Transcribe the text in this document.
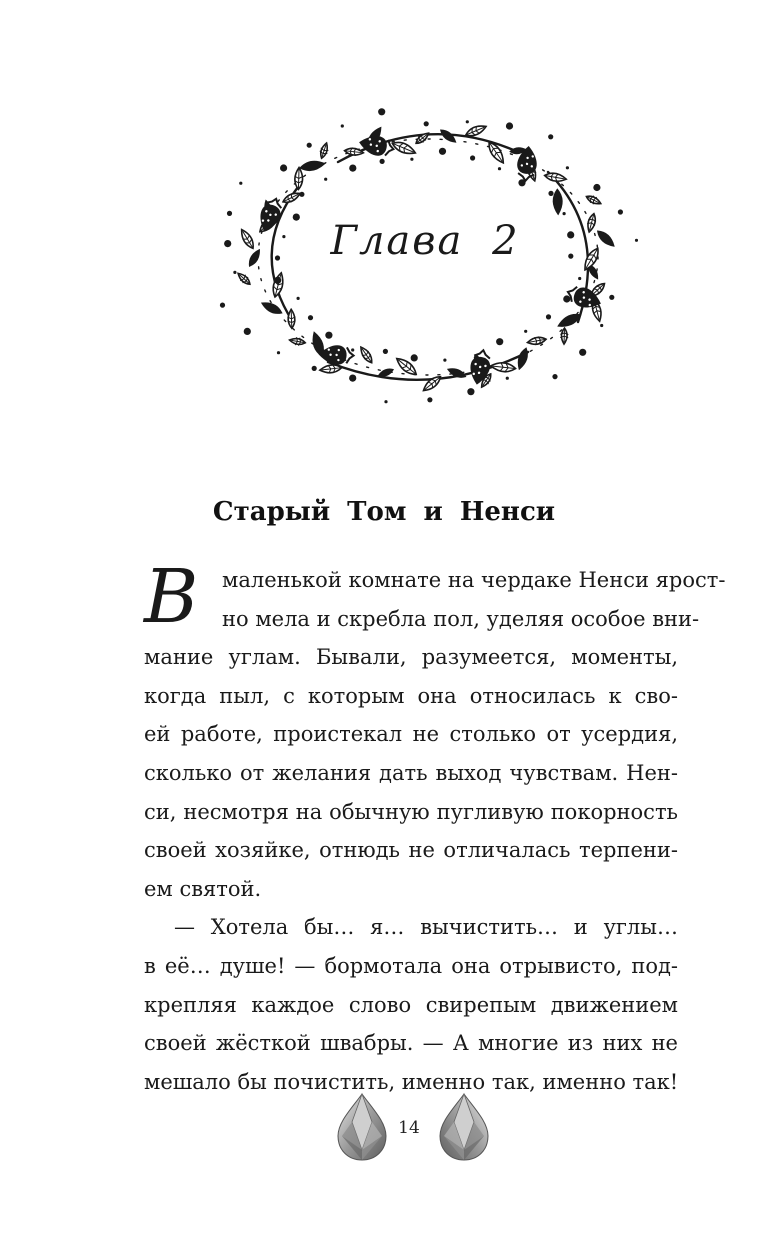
Глава 2
Старый Том и Ненси
В	маленькой комнате на чердаке Ненси ярост-
но мела и скребла пол, уделяя особое вни-
мание углам. Бывали, разумеется, моменты,
когда пыл, с которым она относилась к сво-
ей работе, проистекал не столько от усердия,
сколько от желания дать выход чувствам. Нен-
си, несмотря на обычную пугливую покорность
своей хозяйке, отнюдь не отличалась терпени-
ем святой.
— Хотела бы… я… вычистить… и углы…
в её… душе! — бормотала она отрывисто, под-
крепляя каждое слово свирепым движением
своей жёсткой швабры. — А многие из них не
мешало бы почистить, именно так, именно так!
14
